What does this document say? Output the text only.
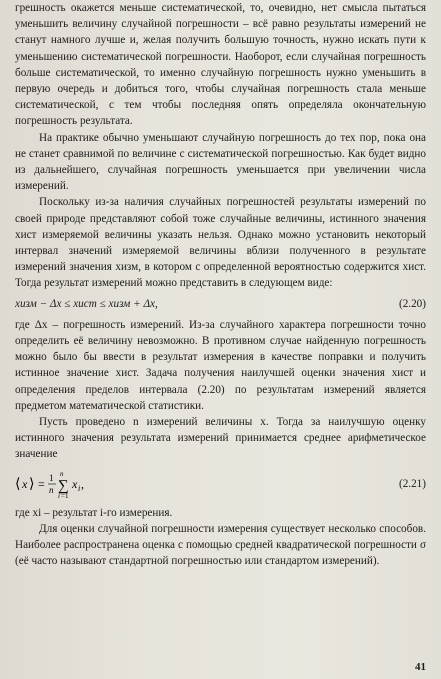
грешность окажется меньше систематической, то, очевидно, нет смысла пытаться уменьшить величину случайной погрешности – всё равно результаты измерений не станут намного лучше и, желая получить большую точность, нужно искать пути к уменьшению систематической погрешности. Наоборот, если случайная погрешность больше систематической, то именно случайную погрешность нужно уменьшить в первую очередь и добиться того, чтобы случайная погрешность стала меньше систематической, с тем чтобы последняя опять определяла окончательную погрешность результата.

На практике обычно уменьшают случайную погрешность до тех пор, пока она не станет сравнимой по величине с систематической погрешностью. Как будет видно из дальнейшего, случайная погрешность уменьшается при увеличении числа измерений.

Поскольку из-за наличия случайных погрешностей результаты измерений по своей природе представляют собой тоже случайные величины, истинного значения xист измеряемой величины указать нельзя. Однако можно установить некоторый интервал значений измеряемой величины вблизи полученного в результате измерений значения xизм, в котором с определенной вероятностью содержится xист. Тогда результат измерений можно представить в следующем виде:

xизм − Δx ≤ xист ≤ xизм + Δx,	(2.20)

где Δx – погрешность измерений. Из-за случайного характера погрешности точно определить её величину невозможно. В противном случае найденную погрешность можно было бы ввести в результат измерения в качестве поправки и получить истинное значение xист. Задача получения наилучшей оценки значения xист и определения пределов интервала (2.20) по результатам измерений является предметом математической статистики.

Пусть проведено n измерений величины x. Тогда за наилучшую оценку истинного значения результата измерений принимается среднее арифметическое значение

⟨ x ⟩ = 1
n
n
∑
i =1
x i ,	(2.21)

где xi – результат i-го измерения.

Для оценки случайной погрешности измерения существует несколько способов. Наиболее распространена оценка с помощью средней квадратической погрешности σ (её часто называют стандартной погрешностью или стандартом измерений).

41
